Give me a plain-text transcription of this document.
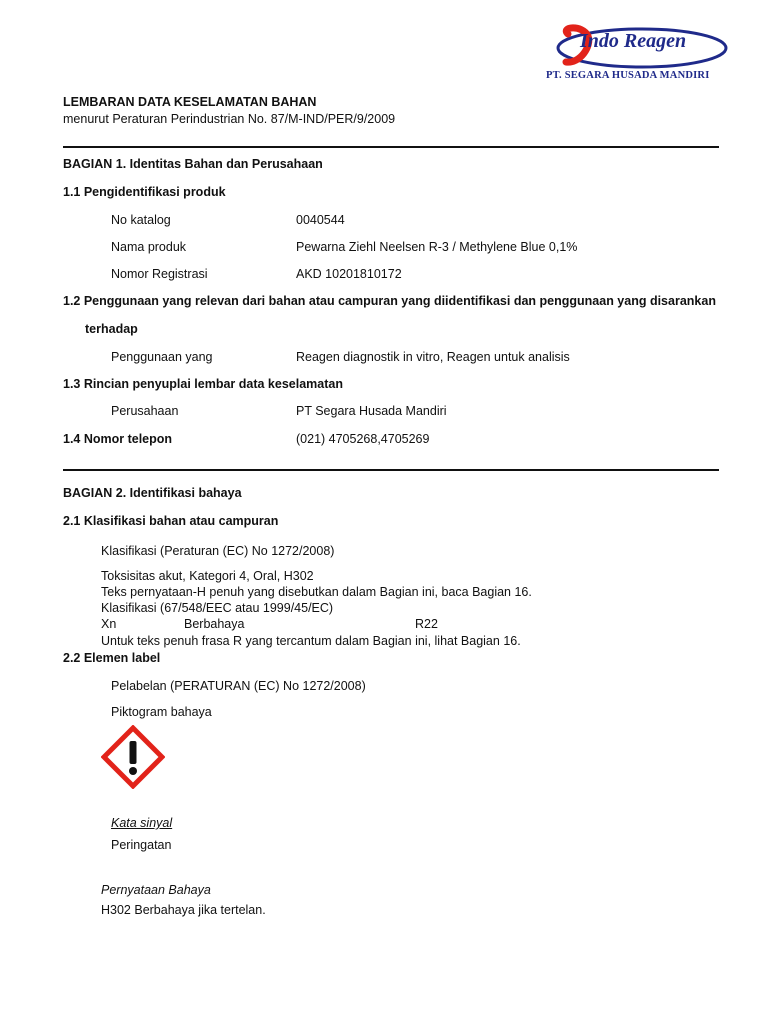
Indo Reagen
PT. SEGARA HUSADA MANDIRI
LEMBARAN DATA KESELAMATAN BAHAN
menurut Peraturan Perindustrian No. 87/M-IND/PER/9/2009
BAGIAN 1. Identitas Bahan dan Perusahaan
1.1 Pengidentifikasi produk
No katalog	0040544
Nama produk	Pewarna Ziehl Neelsen R-3 / Methylene Blue 0,1%
Nomor Registrasi	AKD 10201810172
1.2 Penggunaan yang relevan dari bahan atau campuran yang diidentifikasi dan penggunaan yang disarankan
terhadap
Penggunaan yang	Reagen diagnostik in vitro, Reagen untuk analisis
1.3 Rincian penyuplai lembar data keselamatan
Perusahaan	PT Segara Husada Mandiri
1.4 Nomor telepon	(021) 4705268,4705269
BAGIAN 2. Identifikasi bahaya
2.1 Klasifikasi bahan atau campuran
Klasifikasi (Peraturan (EC) No 1272/2008)
Toksisitas akut, Kategori 4, Oral, H302
Teks pernyataan-H penuh yang disebutkan dalam Bagian ini, baca Bagian 16.
Klasifikasi (67/548/EEC atau 1999/45/EC)
Xn	Berbahaya	R22
Untuk teks penuh frasa R yang tercantum dalam Bagian ini, lihat Bagian 16.
2.2 Elemen label
Pelabelan (PERATURAN (EC) No 1272/2008)
Piktogram bahaya
Kata sinyal
Peringatan
Pernyataan Bahaya
H302 Berbahaya jika tertelan.
